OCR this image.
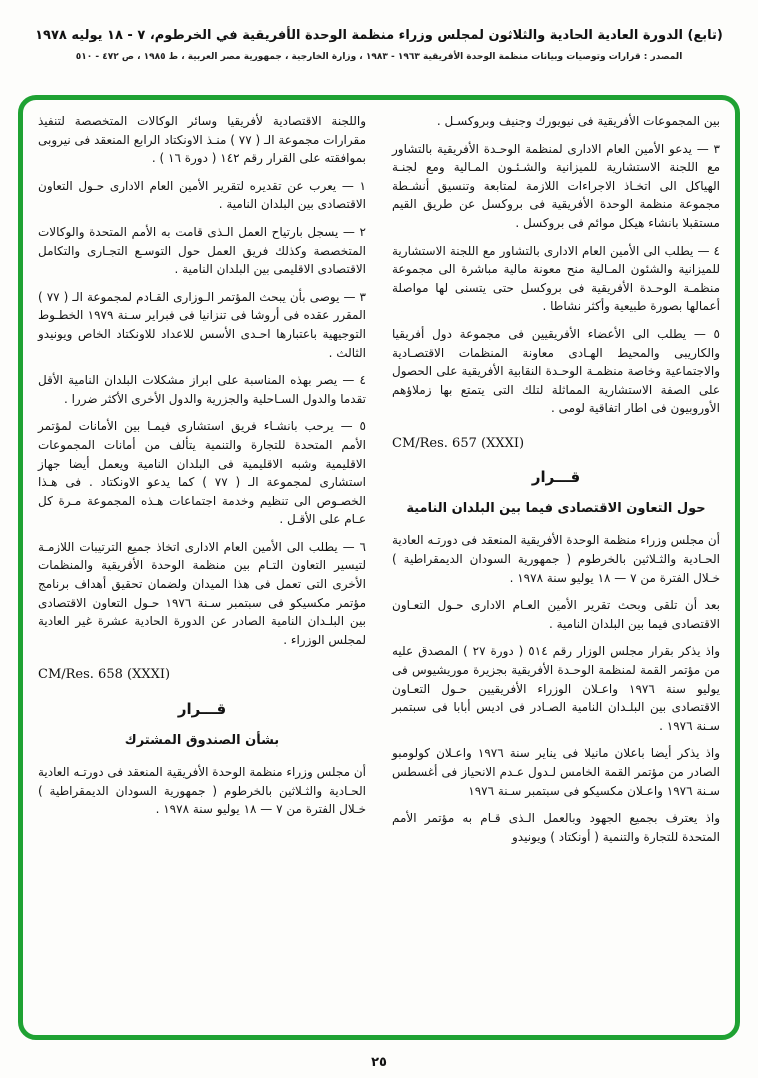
(تابع) الدورة العادية الحادية والثلاثون لمجلس وزراء منظمة الوحدة الأفريقية في الخرطوم، ٧ - ١٨ يوليه ١٩٧٨
المصدر : قرارات وتوصيات وبيانات منظمة الوحدة الأفريقية ١٩٦٣ - ١٩٨٣ ، وزارة الخارجية ، جمهورية مصر العربية ، ط ١٩٨٥ ، ص ٤٧٢ - ٥١٠
بين المجموعات الأفريقية فى نيويورك وجنيف وبروكسـل .
٣ — يدعو الأمين العام الادارى لمنظمة الوحـدة الأفريقية بالتشاور مع اللجنة الاستشارية للميزانية والشـئـون المـالية ومع لجنـة الهياكل الى اتخـاذ الاجراءات اللازمة لمتابعة وتنسيق أنشـطة مجموعة منظمة الوحدة الأفريقية فى بروكسل عن طريق القيم مستقبلا بانشاء هيكل موائم فى بروكسل .
٤ — يطلب الى الأمين العام الادارى بالتشاور مع اللجنة الاستشارية للميزانية والشئون المـالية منح معونة مالية مباشرة الى مجموعة منظمـة الوحـدة الأفريقية فى بروكسل حتى يتسنى لها مواصلة أعمالها بصورة طبيعية وأكثر نشاطا .
٥ — يطلب الى الأعضاء الأفريقيين فى مجموعة دول أفريقيا والكاريبى والمحيط الهـادى معاونة المنظمات الاقتصـادية والاجتماعية وخاصة منظمـة الوحـدة النقابية الأفريقية على الحصول على الصفة الاستشارية المماثلة لتلك التى يتمتع بها زملاؤهم الأوروبيون فى اطار اتفاقية لومى .
CM/Res. 657 (XXXI)
قـــرار
حول التعاون الاقتصادى فيما بين البلدان النامية
أن مجلس وزراء منظمة الوحدة الأفريقية المنعقد فى دورتـه العادية الحـادية والثـلاثين بالخرطوم ( جمهورية السودان الديمقراطية ) خـلال الفترة من ٧ — ١٨ يوليو سنة ١٩٧٨ .
بعد أن تلقى وبحث تقرير الأمين العـام الادارى حـول التعـاون الاقتصادى فيما بين البلدان النامية .
واذ يذكر بقرار مجلس الوزار رقم ٥١٤ ( دورة ٢٧ ) المصدق عليه من مؤتمر القمة لمنظمة الوحـدة الأفريقية بجزيرة موريشيوس فى يوليو سنة ١٩٧٦ واعـلان الوزراء الأفريقيين حـول التعـاون الاقتصادى بين البلـدان النامية الصـادر فى اديس أبابا فى سبتمبر سـنة ١٩٧٦ .
واذ يذكر أيضا باعلان مانيلا فى يناير سنة ١٩٧٦ واعـلان كولومبو الصادر من مؤتمر القمة الخامس لـدول عـدم الانحياز فى أغسطس سـنة ١٩٧٦ واعـلان مكسيكو فى سبتمبر سـنة ١٩٧٦
واذ يعترف بجميع الجهود وبالعمل الـذى قـام به مؤتمر الأمم المتحدة للتجارة والتنمية ( أونكتاد ) ويونيدو
واللجنة الاقتصادية لأفريقيا وسائر الوكالات المتخصصة لتنفيذ مقرارات مجموعة الـ ( ٧٧ ) منـذ الاونكتاد الرابع المنعقد فى نيروبى بموافقته على القرار رقم ١٤٢ ( دورة ١٦ ) .
١ — يعرب عن تقديره لتقرير الأمين العام الادارى حـول التعاون الاقتصادى بين البلدان النامية .
٢ — يسجل بارتياح العمل الـذى قامت به الأمم المتحدة والوكالات المتخصصة وكذلك فريق العمل حول التوسـع التجـارى والتكامل الاقتصادى الاقليمى بين البلدان النامية .
٣ — يوصى بأن يبحث المؤتمر الـوزارى القـادم لمجموعة الـ ( ٧٧ ) المقرر عقده فى أروشا فى تنزانيا فى فبراير سـنة ١٩٧٩ الخطـوط التوجيهية باعتبارها احـدى الأسس للاعداد للاونكتاد الخاص ويونيدو الثالث .
٤ — يصر بهذه المناسبة على ابراز مشكلات البلدان النامية الأقل تقدما والدول السـاحلية والجزرية والدول الأخرى الأكثر ضررا .
٥ — يرحب بانشـاء فريق استشارى فيمـا بين الأمانات لمؤتمر الأمم المتحدة للتجارة والتنمية يتألف من أمانات المجموعات الاقليمية وشبه الاقليمية فى البلدان النامية ويعمل أيضا جهاز استشارى لمجموعة الـ ( ٧٧ ) كما يدعو الاونكتاد . فى هـذا الخصـوص الى تنظيم وخدمة اجتماعات هـذه المجموعة مـرة كل عـام على الأقـل .
٦ — يطلب الى الأمين العام الادارى اتخاذ جميع الترتيبات اللازمـة لتيسير التعاون التـام بين منظمة الوحدة الأفريقية والمنظمات الأخرى التى تعمل فى هذا الميدان ولضمان تحقيق أهداف برنامج مؤتمر مكسيكو فى سبتمبر سـنة ١٩٧٦ حـول التعاون الاقتصادى بين البلـدان النامية الصادر عن الدورة الحادية عشرة غير العادية لمجلس الوزراء .
CM/Res. 658 (XXXI)
قـــرار
بشأن الصندوق المشترك
أن مجلس وزراء منظمة الوحدة الأفريقية المنعقد فى دورتـه العادية الحـادية والثـلاثين بالخرطوم ( جمهورية السودان الديمقراطية ) خـلال الفترة من ٧ — ١٨ يوليو سنة ١٩٧٨ .
٢٥
